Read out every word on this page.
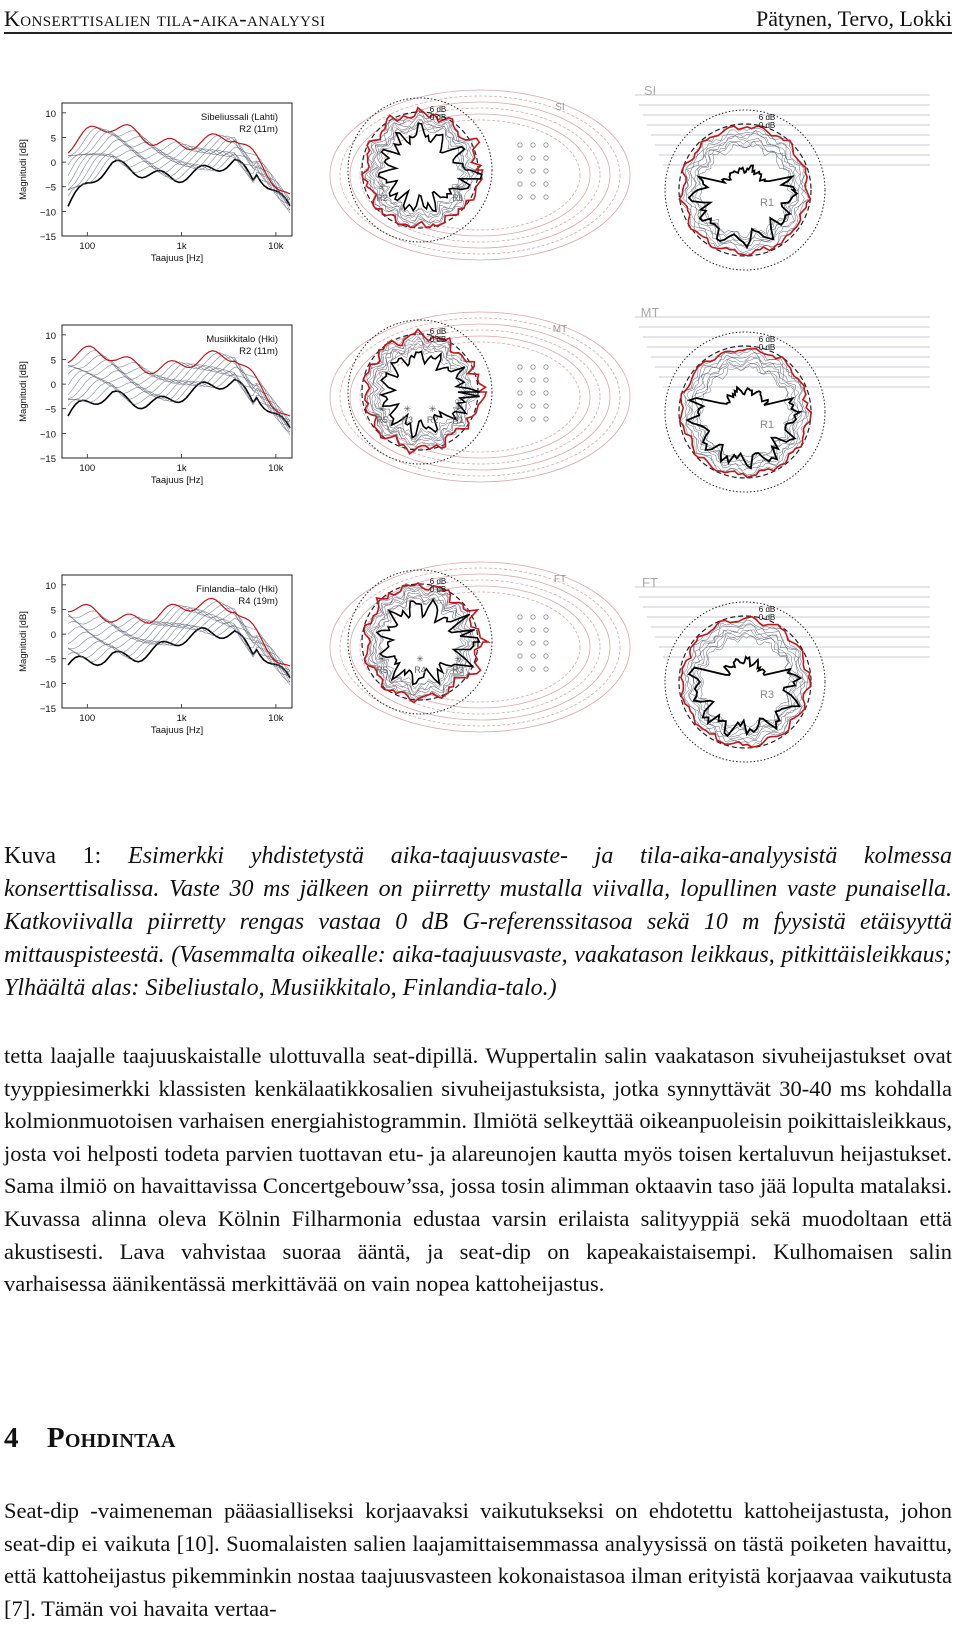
Konserttisalien tila-aika-analyysi	Pätynen, Tervo, Lokki
10
5
0
−5
−10
−15
100	1k	10k
Taajuus [Hz]
Magnitudi [dB]
Sibeliussali (Lahti)
R2 (11m)
SI
6 dB
0 dB
✳
R2
✳
R1
SI
6 dB
0 dB
R1
10
5
0
−5
−10
−15
100	1k	10k
Taajuus [Hz]
Magnitudi [dB]
Musiikkitalo (Hki)
R2 (11m)
MT
6 dB
0 dB
✳
R5
✳
R3
✳
R2
✳
R1
MT
6 dB
0 dB
R1
10
5
0
−5
−10
−15
100	1k	10k
Taajuus [Hz]
Magnitudi [dB]
Finlandia–talo (Hki)
R4 (19m)
FT
6 dB
0 dB
✳
R5
✳
R4
✳
R3
FT
6 dB
0 dB
R3
Kuva 1: Esimerkki yhdistetystä aika-taajuusvaste- ja tila-aika-analyysistä kolmessa konserttisalissa. Vaste 30 ms jälkeen on piirretty mustalla viivalla, lopullinen vaste punaisella. Katkoviivalla piirretty rengas vastaa 0 dB G-referenssitasoa sekä 10 m fyysistä etäisyyttä mittauspisteestä. (Vasemmalta oikealle: aika-taajuusvaste, vaakatason leikkaus, pitkittäisleikkaus; Ylhäältä alas: Sibeliustalo, Musiikkitalo, Finlandia-talo.)
tetta laajalle taajuuskaistalle ulottuvalla seat-dipillä. Wuppertalin salin vaakatason sivuheijastukset ovat tyyppiesimerkki klassisten kenkälaatikkosalien sivuheijastuksista, jotka synnyttävät 30-40 ms kohdalla kolmionmuotoisen varhaisen energiahistogrammin. Ilmiötä selkeyttää oikeanpuoleisin poikittaisleikkaus, josta voi helposti todeta parvien tuottavan etu- ja alareunojen kautta myös toisen kertaluvun heijastukset. Sama ilmiö on havaittavissa Concertgebouw’ssa, jossa tosin alimman oktaavin taso jää lopulta matalaksi. Kuvassa alinna oleva Kölnin Filharmonia edustaa varsin erilaista salityyppiä sekä muodoltaan että akustisesti. Lava vahvistaa suoraa ääntä, ja seat-dip on kapeakaistaisempi. Kulhomaisen salin varhaisessa äänikentässä merkittävää on vain nopea kattoheijastus.
4 Pohdintaa
Seat-dip -vaimeneman pääasialliseksi korjaavaksi vaikutukseksi on ehdotettu kattoheijastusta, johon seat-dip ei vaikuta [10]. Suomalaisten salien laajamittaisemmassa analyysissä on tästä poiketen havaittu, että kattoheijastus pikemminkin nostaa taajuusvasteen kokonaistasoa ilman erityistä korjaavaa vaikutusta [7]. Tämän voi havaita vertaa-
